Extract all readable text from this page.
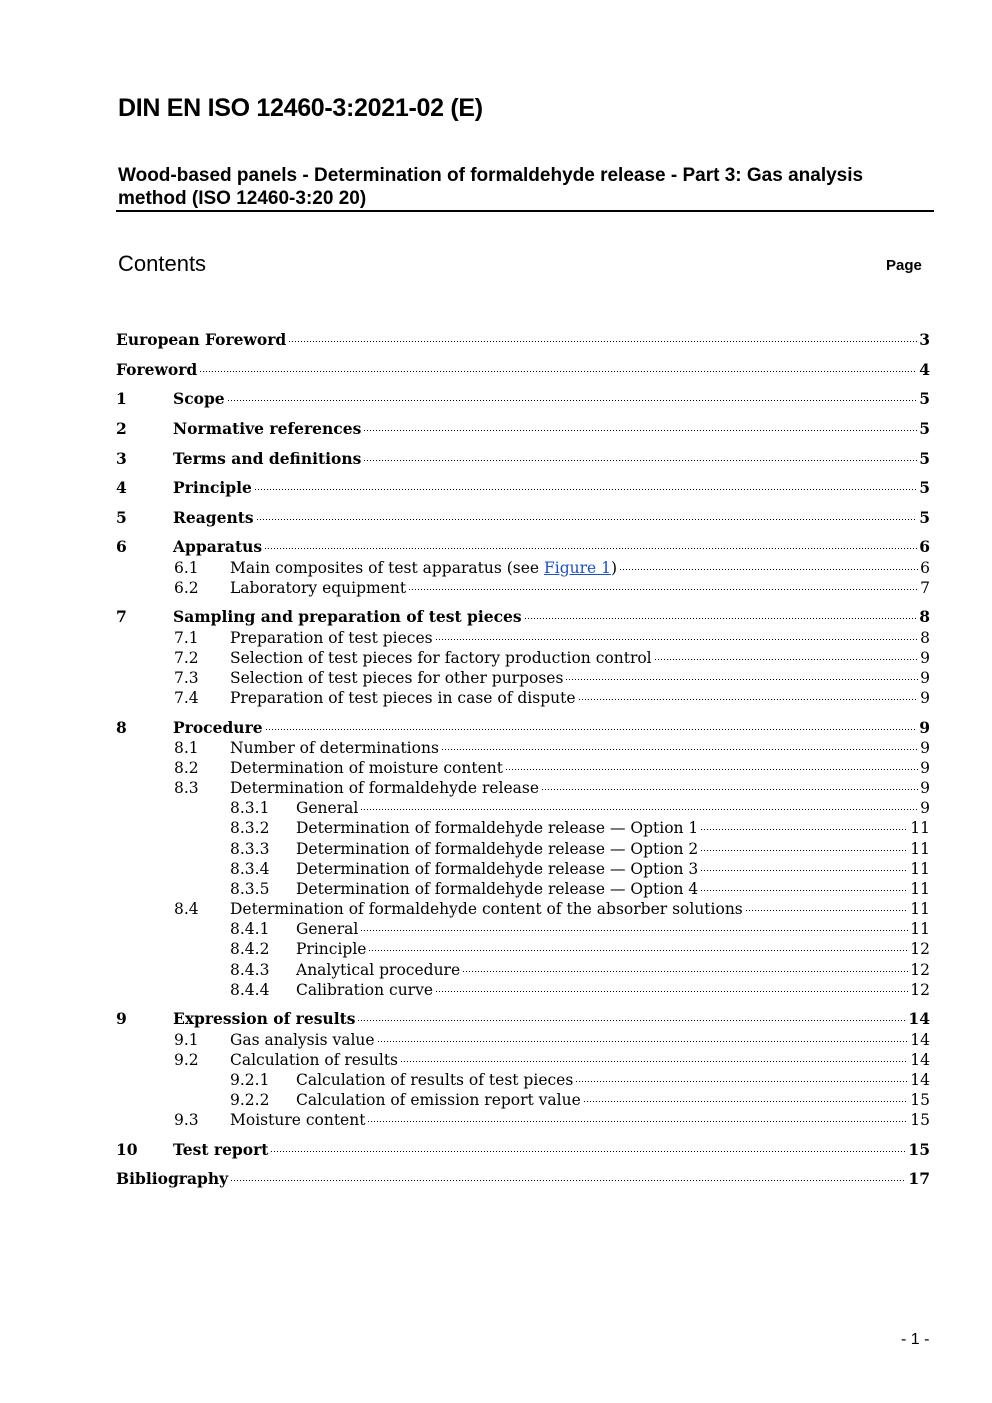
DIN EN ISO 12460-3:2021-02 (E)
Wood-based panels - Determination of formaldehyde release - Part 3: Gas analysis method (ISO 12460-3:20 20)
Contents	Page
European Foreword	3
Foreword	4
1	Scope	5
2	Normative references	5
3	Terms and definitions	5
4	Principle	5
5	Reagents	5
6	Apparatus	6
6.1 Main composites of test apparatus (see Figure 1)	6
6.2 Laboratory equipment	7
7	Sampling and preparation of test pieces	8
7.1 Preparation of test pieces	8
7.2 Selection of test pieces for factory production control	9
7.3 Selection of test pieces for other purposes	9
7.4 Preparation of test pieces in case of dispute	9
8	Procedure	9
8.1 Number of determinations	9
8.2 Determination of moisture content	9
8.3 Determination of formaldehyde release	9
8.3.1 General	9
8.3.2 Determination of formaldehyde release — Option 1	11
8.3.3 Determination of formaldehyde release — Option 2	11
8.3.4 Determination of formaldehyde release — Option 3	11
8.3.5 Determination of formaldehyde release — Option 4	11
8.4 Determination of formaldehyde content of the absorber solutions	11
8.4.1 General	11
8.4.2 Principle	12
8.4.3 Analytical procedure	12
8.4.4 Calibration curve	12
9	Expression of results	14
9.1 Gas analysis value	14
9.2 Calculation of results	14
9.2.1 Calculation of results of test pieces	14
9.2.2 Calculation of emission report value	15
9.3 Moisture content	15
10 Test report	15
Bibliography	17
- 1 -
